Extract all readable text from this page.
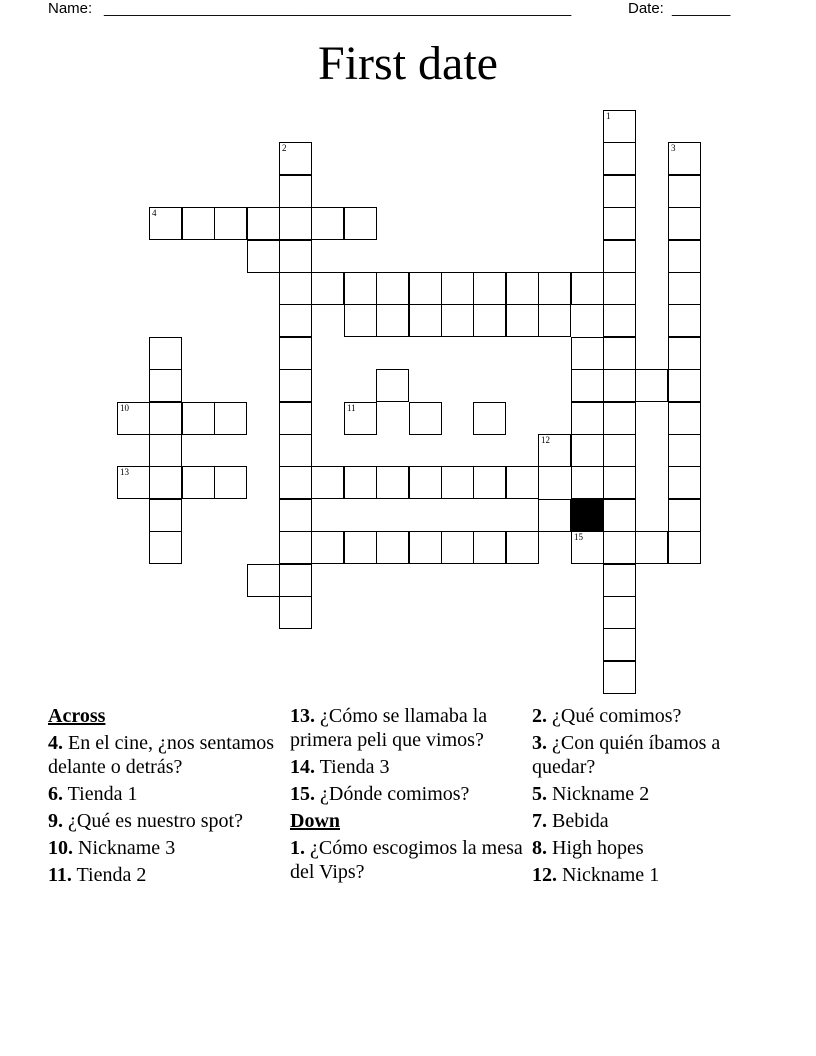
Name: ________________________________________________________	Date: _______
First date
1
2	3
4
10	11
12
13
15
Across
4. En el cine, ¿nos sentamos delante o detrás?
6. Tienda 1
9. ¿Qué es nuestro spot?
10. Nickname 3
11. Tienda 2
13. ¿Cómo se llamaba la primera peli que vimos?
14. Tienda 3
15. ¿Dónde comimos?
Down
1. ¿Cómo escogimos la mesa del Vips?
2. ¿Qué comimos?
3. ¿Con quién íbamos a quedar?
5. Nickname 2
7. Bebida
8. High hopes
12. Nickname 1
